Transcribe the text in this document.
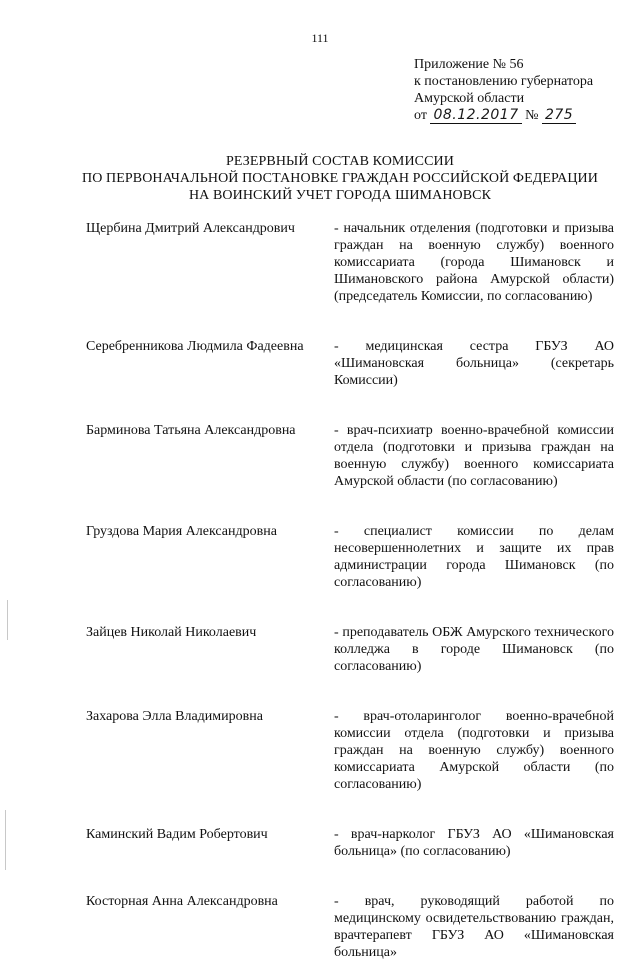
111
Приложение № 56
к постановлению губернатора
Амурской области
от 08.12.2017 № 275
РЕЗЕРВНЫЙ СОСТАВ КОМИССИИ
ПО ПЕРВОНАЧАЛЬНОЙ ПОСТАНОВКЕ ГРАЖДАН РОССИЙСКОЙ ФЕДЕРАЦИИ
НА ВОИНСКИЙ УЧЕТ ГОРОДА ШИМАНОВСК
Щербина Дмитрий Александрович	- начальник отделения (подготовки и призыва граждан на военную службу) военного комиссариата (города Шимановск и Шимановского района Амурской области) (председатель Комиссии, по согласованию)
Серебренникова Людмила Фадеевна	- медицинская сестра ГБУЗ АО «Шимановская больница» (секретарь Комиссии)
Барминова Татьяна Александровна	- врач-психиатр военно-врачебной комиссии отдела (подготовки и призыва граждан на военную службу) военного комиссариата Амурской области (по согласованию)
Груздова Мария Александровна	- специалист комиссии по делам несовершеннолетних и защите их прав администрации города Шимановск (по согласованию)
Зайцев Николай Николаевич	- преподаватель ОБЖ Амурского технического колледжа в городе Шимановск (по согласованию)
Захарова Элла Владимировна	- врач-отоларинголог военно-врачебной комиссии отдела (подготовки и призыва граждан на военную службу) военного комиссариата Амурской области (по согласованию)
Каминский Вадим Робертович	- врач-нарколог ГБУЗ АО «Шимановская больница» (по согласованию)
Косторная Анна Александровна	- врач, руководящий работой по медицинскому освидетельствованию граждан, врачтерапевт ГБУЗ АО «Шимановская больница»
